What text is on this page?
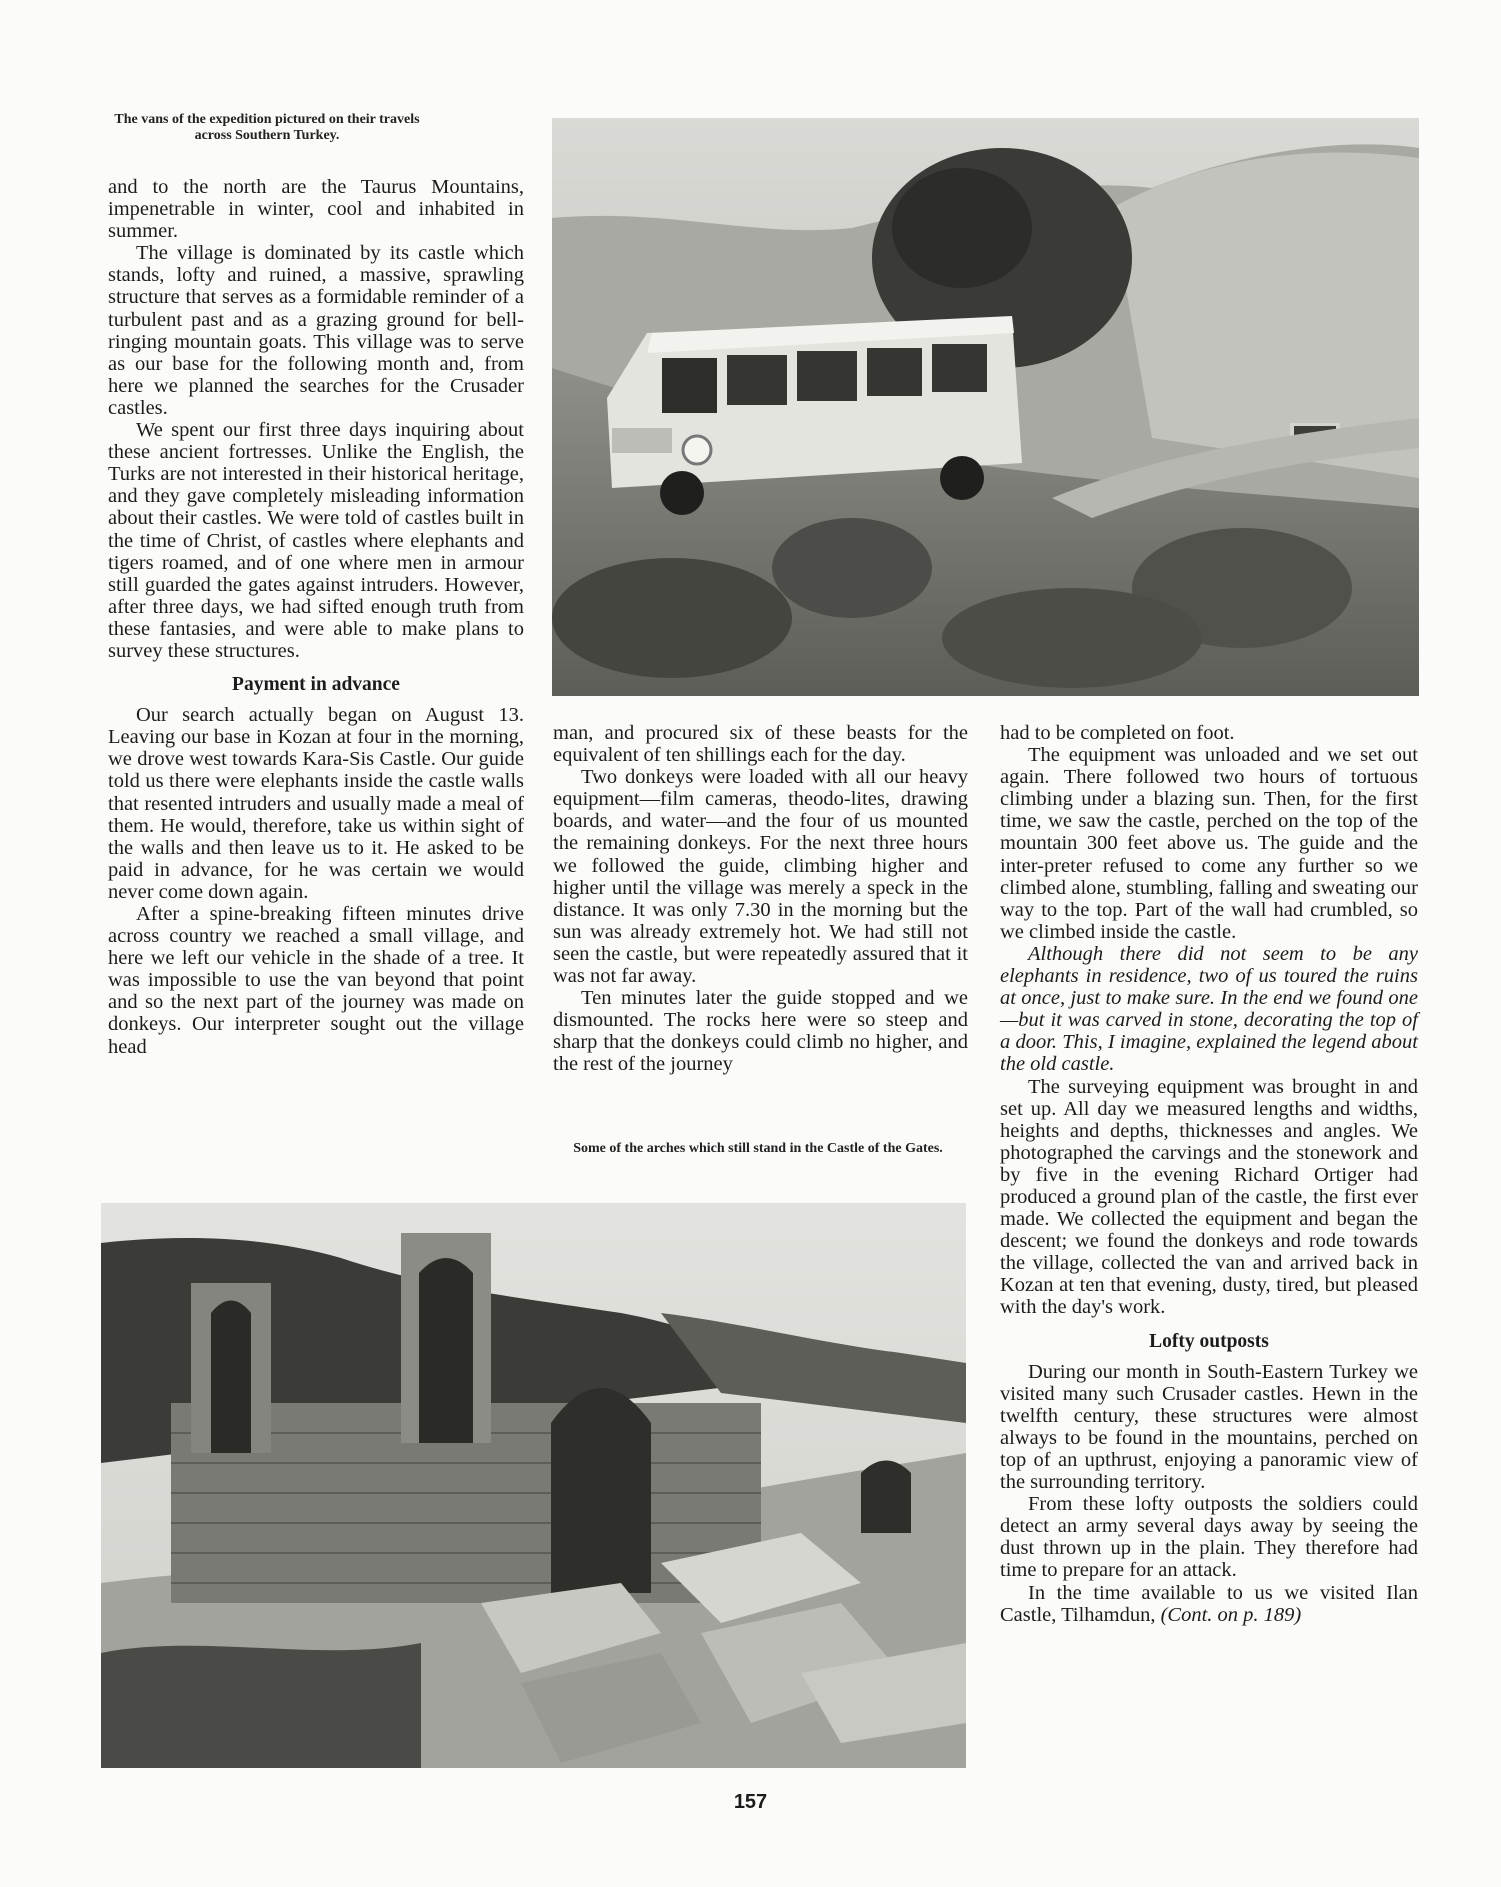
The vans of the expedition pictured on their travels across Southern Turkey.

and to the north are the Taurus Mountains, impenetrable in winter, cool and inhabited in summer.

The village is dominated by its castle which stands, lofty and ruined, a massive, sprawling structure that serves as a formidable reminder of a turbulent past and as a grazing ground for bell-ringing mountain goats. This village was to serve as our base for the following month and, from here we planned the searches for the Crusader castles.

We spent our first three days inquiring about these ancient fortresses. Unlike the English, the Turks are not interested in their historical heritage, and they gave completely misleading information about their castles. We were told of castles built in the time of Christ, of castles where elephants and tigers roamed, and of one where men in armour still guarded the gates against intruders. However, after three days, we had sifted enough truth from these fantasies, and were able to make plans to survey these structures.

Payment in advance

Our search actually began on August 13. Leaving our base in Kozan at four in the morning, we drove west towards Kara-Sis Castle. Our guide told us there were elephants inside the castle walls that resented intruders and usually made a meal of them. He would, therefore, take us within sight of the walls and then leave us to it. He asked to be paid in advance, for he was certain we would never come down again.

After a spine-breaking fifteen minutes drive across country we reached a small village, and here we left our vehicle in the shade of a tree. It was impossible to use the van beyond that point and so the next part of the journey was made on donkeys. Our interpreter sought out the village head

man, and procured six of these beasts for the equivalent of ten shillings each for the day.

Two donkeys were loaded with all our heavy equipment—film cameras, theodo-lites, drawing boards, and water—and the four of us mounted the remaining donkeys. For the next three hours we followed the guide, climbing higher and higher until the village was merely a speck in the distance. It was only 7.30 in the morning but the sun was already extremely hot. We had still not seen the castle, but were repeatedly assured that it was not far away.

Ten minutes later the guide stopped and we dismounted. The rocks here were so steep and sharp that the donkeys could climb no higher, and the rest of the journey

Some of the arches which still stand in the Castle of the Gates.

had to be completed on foot.

The equipment was unloaded and we set out again. There followed two hours of tortuous climbing under a blazing sun. Then, for the first time, we saw the castle, perched on the top of the mountain 300 feet above us. The guide and the inter-preter refused to come any further so we climbed alone, stumbling, falling and sweating our way to the top. Part of the wall had crumbled, so we climbed inside the castle.

Although there did not seem to be any elephants in residence, two of us toured the ruins at once, just to make sure. In the end we found one—but it was carved in stone, decorating the top of a door. This, I imagine, explained the legend about the old castle.

The surveying equipment was brought in and set up. All day we measured lengths and widths, heights and depths, thicknesses and angles. We photographed the carvings and the stonework and by five in the evening Richard Ortiger had produced a ground plan of the castle, the first ever made. We collected the equipment and began the descent; we found the donkeys and rode towards the village, collected the van and arrived back in Kozan at ten that evening, dusty, tired, but pleased with the day's work.

Lofty outposts

During our month in South-Eastern Turkey we visited many such Crusader castles. Hewn in the twelfth century, these structures were almost always to be found in the mountains, perched on top of an upthrust, enjoying a panoramic view of the surrounding territory.

From these lofty outposts the soldiers could detect an army several days away by seeing the dust thrown up in the plain. They therefore had time to prepare for an attack.

In the time available to us we visited Ilan Castle, Tilhamdun, (Cont. on p. 189)

157
